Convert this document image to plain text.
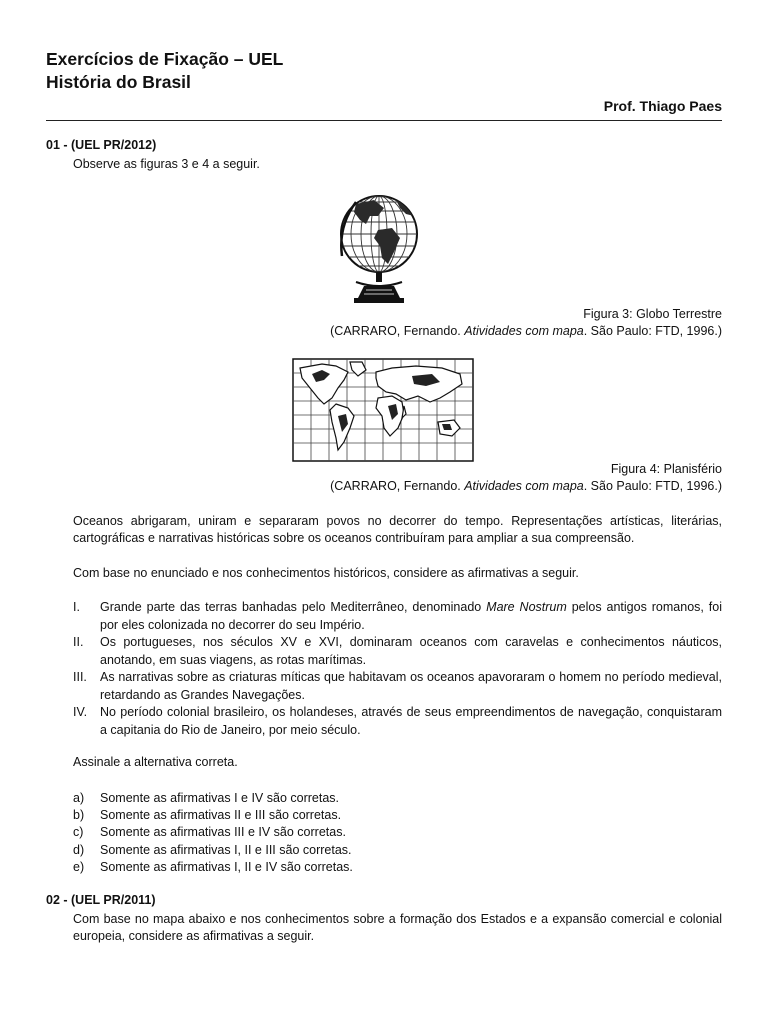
Exercícios de Fixação – UEL
História do Brasil
Prof. Thiago Paes
01 - (UEL PR/2012)
Observe as figuras 3 e 4 a seguir.
Figura 3: Globo Terrestre
(CARRARO, Fernando. Atividades com mapa. São Paulo: FTD, 1996.)
Figura 4: Planisfério
(CARRARO, Fernando. Atividades com mapa. São Paulo: FTD, 1996.)
Oceanos abrigaram, uniram e separaram povos no decorrer do tempo. Representações artísticas, literárias, cartográficas e narrativas históricas sobre os oceanos contribuíram para ampliar a sua compreensão.
Com base no enunciado e nos conhecimentos históricos, considere as afirmativas a seguir.
I. Grande parte das terras banhadas pelo Mediterrâneo, denominado Mare Nostrum pelos antigos romanos, foi por eles colonizada no decorrer do seu Império.
II. Os portugueses, nos séculos XV e XVI, dominaram oceanos com caravelas e conhecimentos náuticos, anotando, em suas viagens, as rotas marítimas.
III. As narrativas sobre as criaturas míticas que habitavam os oceanos apavoraram o homem no período medieval, retardando as Grandes Navegações.
IV. No período colonial brasileiro, os holandeses, através de seus empreendimentos de navegação, conquistaram a capitania do Rio de Janeiro, por meio século.
Assinale a alternativa correta.
a) Somente as afirmativas I e IV são corretas.
b) Somente as afirmativas II e III são corretas.
c) Somente as afirmativas III e IV são corretas.
d) Somente as afirmativas I, II e III são corretas.
e) Somente as afirmativas I, II e IV são corretas.
02 - (UEL PR/2011)
Com base no mapa abaixo e nos conhecimentos sobre a formação dos Estados e a expansão comercial e colonial europeia, considere as afirmativas a seguir.
